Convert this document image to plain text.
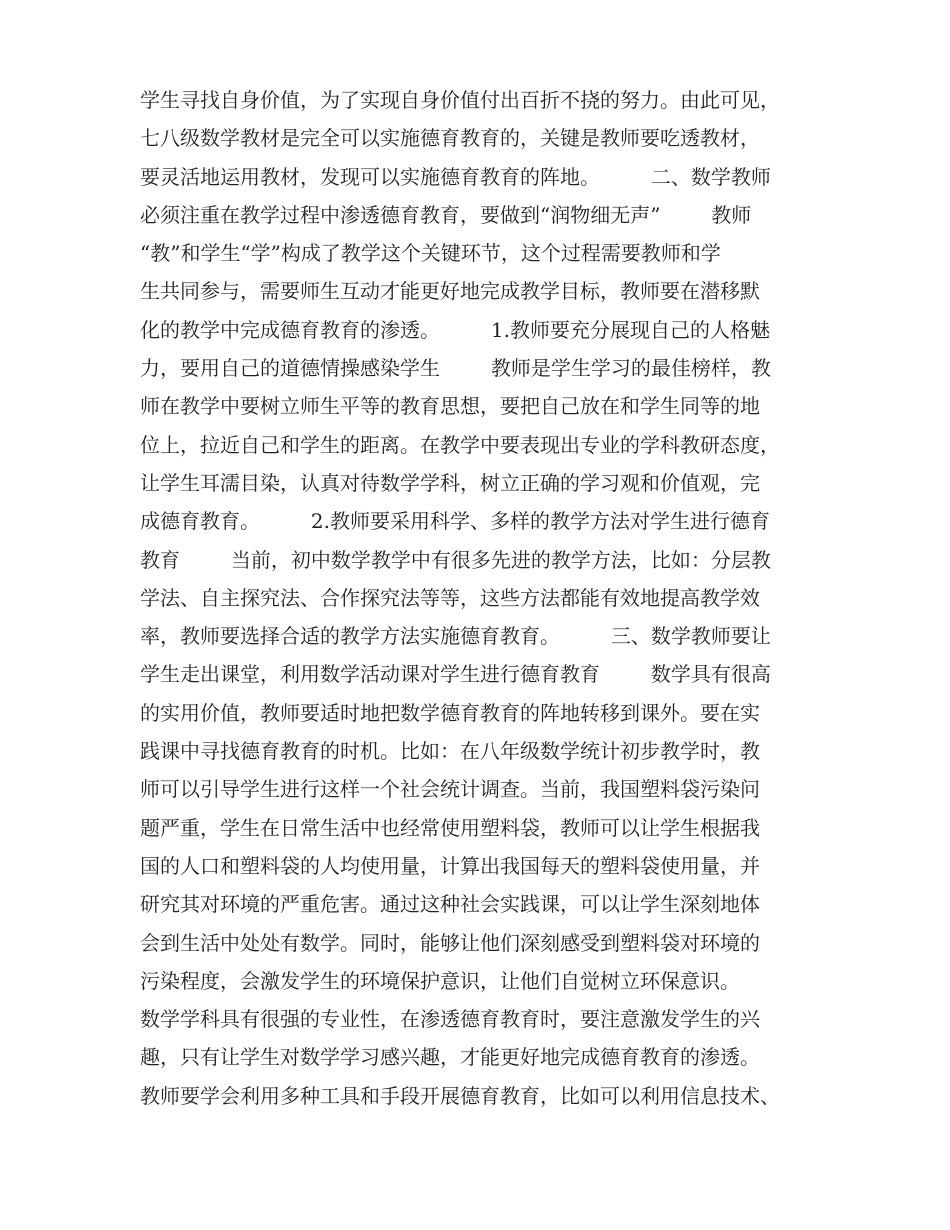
学生寻找自身价值，为了实现自身价值付出百折不挠的努力。由此可见，
七八级数学教材是完全可以实施德育教育的，关键是教师要吃透教材，
要灵活地运用教材，发现可以实施德育教育的阵地。        二、数学教师
必须注重在教学过程中渗透德育教育，要做到“润物细无声”        教师
“教”和学生“学”构成了教学这个关键环节，这个过程需要教师和学
生共同参与，需要师生互动才能更好地完成教学目标，教师要在潜移默
化的教学中完成德育教育的渗透。        1.教师要充分展现自己的人格魅
力，要用自己的道德情操感染学生        教师是学生学习的最佳榜样，教
师在教学中要树立师生平等的教育思想，要把自己放在和学生同等的地
位上，拉近自己和学生的距离。在教学中要表现出专业的学科教研态度，
让学生耳濡目染，认真对待数学学科，树立正确的学习观和价值观，完
成德育教育。        2.教师要采用科学、多样的教学方法对学生进行德育
教育        当前，初中数学教学中有很多先进的教学方法，比如：分层教
学法、自主探究法、合作探究法等等，这些方法都能有效地提高教学效
率，教师要选择合适的教学方法实施德育教育。        三、数学教师要让
学生走出课堂，利用数学活动课对学生进行德育教育        数学具有很高
的实用价值，教师要适时地把数学德育教育的阵地转移到课外。要在实
践课中寻找德育教育的时机。比如：在八年级数学统计初步教学时，教
师可以引导学生进行这样一个社会统计调查。当前，我国塑料袋污染问
题严重，学生在日常生活中也经常使用塑料袋，教师可以让学生根据我
国的人口和塑料袋的人均使用量，计算出我国每天的塑料袋使用量，并
研究其对环境的严重危害。通过这种社会实践课，可以让学生深刻地体
会到生活中处处有数学。同时，能够让他们深刻感受到塑料袋对环境的
污染程度，会激发学生的环境保护意识，让他们自觉树立环保意识。
数学学科具有很强的专业性，在渗透德育教育时，要注意激发学生的兴
趣，只有让学生对数学学习感兴趣，才能更好地完成德育教育的渗透。
教师要学会利用多种工具和手段开展德育教育，比如可以利用信息技术、
